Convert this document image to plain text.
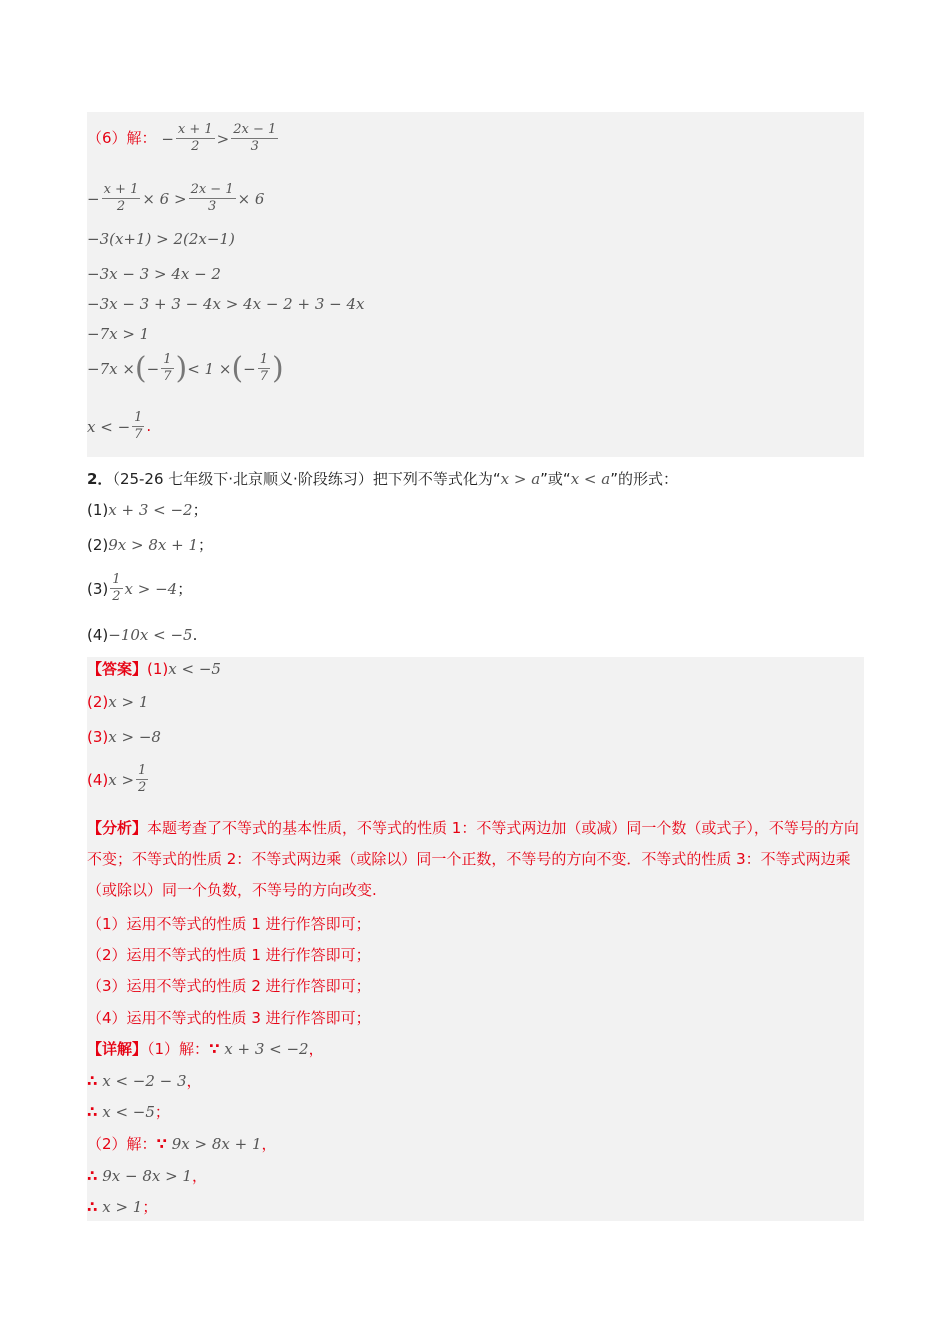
（6）解： − $\frac{x + 1}{2} > \frac{2x - 1}{3}$
− $\frac{x + 1}{2} \times 6 > \frac{2x - 1}{3} \times 6$
−3(x+1) > 2(2x−1)
−3x − 3 > 4x − 2
−3x − 3 + 3 − 4x > 4x − 2 + 3 − 4x
−7x > 1
−7x × ( − $\frac{1}{7}$ ) < 1 × ( − $\frac{1}{7}$ )
x < − $\frac{1}{7}$ .
2．（25-26 七年级下·北京顺义·阶段练习）把下列不等式化为“x > a”或“x < a”的形式：
(1)x + 3 < −2；
(2)9x > 8x + 1；
$(3) \frac{1}{2}$ x > −4 ；
(4)−10x < −5.
【答案】(1)x < −5
(2)x > 1
(3)x > −8
(4) $x > \frac{1}{2}$
【分析】本题考查了不等式的基本性质，不等式的性质 1：不等式两边加（或减）同一个数（或式子），不等号的方向不变；不等式的性质 2：不等式两边乘（或除以）同一个正数，不等号的方向不变．不等式的性质 3：不等式两边乘（或除以）同一个负数，不等号的方向改变.
（1）运用不等式的性质 1 进行作答即可；
（2）运用不等式的性质 1 进行作答即可；
（3）运用不等式的性质 2 进行作答即可；
（4）运用不等式的性质 3 进行作答即可；
【详解】（1）解：∵ x + 3 < −2，
∴ x < −2 − 3，
∴ x < −5；
（2）解：∵ 9x > 8x + 1，
∴ 9x − 8x > 1，
∴ x > 1；
